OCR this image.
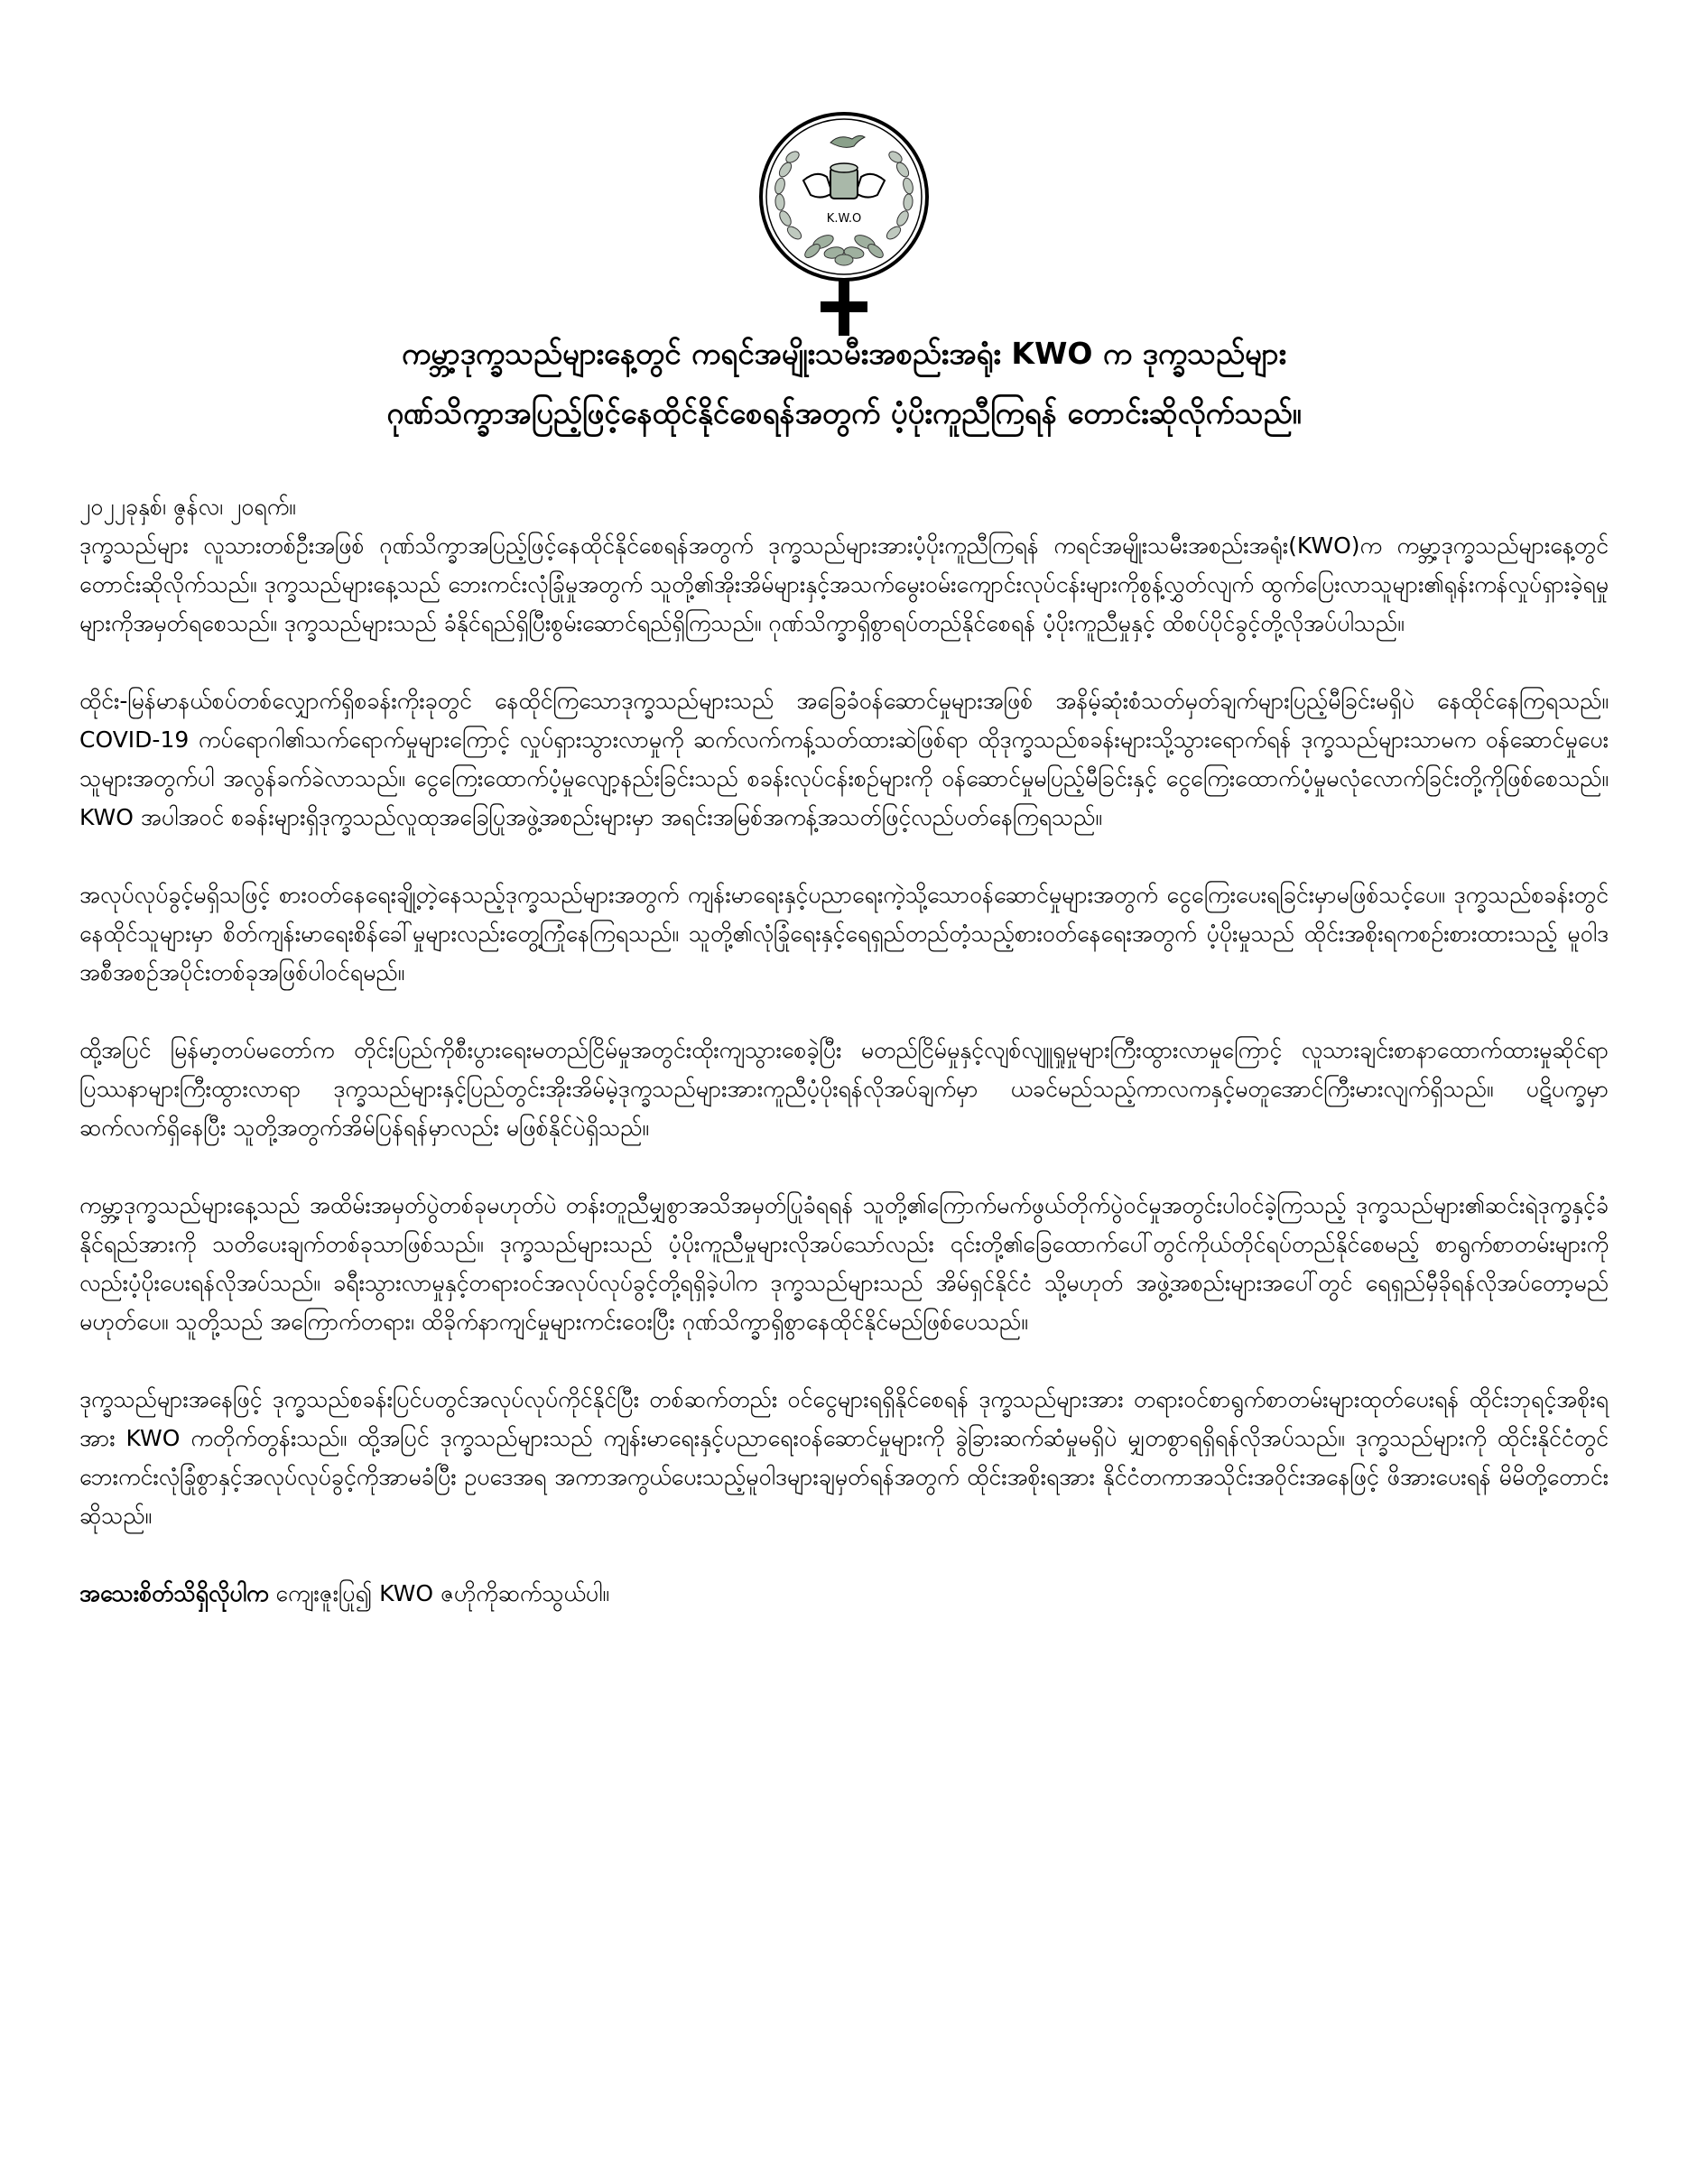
K.W.O
ကမ္ဘာ့ဒုက္ခသည်များနေ့တွင် ကရင်အမျိုးသမီးအစည်းအရုံး KWO က ဒုက္ခသည်များ
ဂုဏ်သိက္ခာအပြည့်ဖြင့်နေထိုင်နိုင်စေရန်အတွက် ပံ့ပိုးကူညီကြရန် တောင်းဆိုလိုက်သည်။

၂၀၂၂ခုနှစ်၊ ဇွန်လ၊ ၂၀ရက်။

ဒုက္ခသည်များ လူသားတစ်ဦးအဖြစ် ဂုဏ်သိက္ခာအပြည့်ဖြင့်နေထိုင်နိုင်စေရန်အတွက် ဒုက္ခသည်များအားပံ့ပိုးကူညီကြရန် ကရင်အမျိုးသမီးအစည်းအရုံး(KWO)က ကမ္ဘာ့ဒုက္ခသည်များနေ့တွင် တောင်းဆိုလိုက်သည်။ ဒုက္ခသည်များနေ့သည် ဘေးကင်းလုံခြုံမှုအတွက် သူတို့၏အိုးအိမ်များနှင့်အသက်မွေးဝမ်းကျောင်းလုပ်ငန်းများကိုစွန့်လွှတ်လျက် ထွက်ပြေးလာသူများ၏ရုန်းကန်လှုပ်ရှားခဲ့ရမှုများကိုအမှတ်ရစေသည်။ ဒုက္ခသည်များသည် ခံနိုင်ရည်ရှိပြီးစွမ်းဆောင်ရည်ရှိကြသည်။ ဂုဏ်သိက္ခာရှိစွာရပ်တည်နိုင်စေရန် ပံ့ပိုးကူညီမှုနှင့် ထိစပ်ပိုင်ခွင့်တို့လိုအပ်ပါသည်။

ထိုင်း-မြန်မာနယ်စပ်တစ်လျှောက်ရှိစခန်းကိုးခုတွင် နေထိုင်ကြသောဒုက္ခသည်များသည် အခြေခံဝန်ဆောင်မှုများအဖြစ် အနိမ့်ဆုံးစံသတ်မှတ်ချက်များပြည့်မီခြင်းမရှိပဲ နေထိုင်နေကြရသည်။ COVID-19 ကပ်ရောဂါ၏သက်ရောက်မှုများကြောင့် လှုပ်ရှားသွားလာမှုကို ဆက်လက်ကန့်သတ်ထားဆဲဖြစ်ရာ ထိုဒုက္ခသည်စခန်းများသို့သွားရောက်ရန် ဒုက္ခသည်များသာမက ဝန်ဆောင်မှုပေးသူများအတွက်ပါ အလွန်ခက်ခဲလာသည်။ ငွေကြေးထောက်ပံ့မှုလျော့နည်းခြင်းသည် စခန်းလုပ်ငန်းစဉ်များကို ဝန်ဆောင်မှုမပြည့်မီခြင်းနှင့် ငွေကြေးထောက်ပံ့မှုမလုံလောက်ခြင်းတို့ကိုဖြစ်စေသည်။ KWO အပါအဝင် စခန်းများရှိဒုက္ခသည်လူထုအခြေပြုအဖွဲ့အစည်းများမှာ အရင်းအမြစ်အကန့်အသတ်ဖြင့်လည်ပတ်နေကြရသည်။

အလုပ်လုပ်ခွင့်မရှိသဖြင့် စားဝတ်နေရေးချို့တဲ့နေသည့်ဒုက္ခသည်များအတွက် ကျန်းမာရေးနှင့်ပညာရေးကဲ့သို့သောဝန်ဆောင်မှုများအတွက် ငွေကြေးပေးရခြင်းမှာမဖြစ်သင့်ပေ။ ဒုက္ခသည်စခန်းတွင်နေထိုင်သူများမှာ စိတ်ကျန်းမာရေးစိန်ခေါ်မှုများလည်းတွေ့ကြုံနေကြရသည်။ သူတို့၏လုံခြုံရေးနှင့်ရေရှည်တည်တံ့သည့်စားဝတ်နေရေးအတွက် ပံ့ပိုးမှုသည် ထိုင်းအစိုးရကစဉ်းစားထားသည့် မူဝါဒအစီအစဉ်အပိုင်းတစ်ခုအဖြစ်ပါဝင်ရမည်။

ထို့အပြင် မြန်မာ့တပ်မတော်က တိုင်းပြည်ကိုစီးပွားရေးမတည်ငြိမ်မှုအတွင်းထိုးကျသွားစေခဲ့ပြီး မတည်ငြိမ်မှုနှင့်လျစ်လျူရှုမှုများကြီးထွားလာမှုကြောင့် လူသားချင်းစာနာထောက်ထားမှုဆိုင်ရာပြဿနာများကြီးထွားလာရာ ဒုက္ခသည်များနှင့်ပြည်တွင်းအိုးအိမ်မဲ့ဒုက္ခသည်များအားကူညီပံ့ပိုးရန်လိုအပ်ချက်မှာ ယခင်မည်သည့်ကာလကနှင့်မတူအောင်ကြီးမားလျက်ရှိသည်။ ပဋိပက္ခမှာဆက်လက်ရှိနေပြီး သူတို့အတွက်အိမ်ပြန်ရန်မှာလည်း မဖြစ်နိုင်ပဲရှိသည်။

ကမ္ဘာ့ဒုက္ခသည်များနေ့သည် အထိမ်းအမှတ်ပွဲတစ်ခုမဟုတ်ပဲ တန်းတူညီမျှစွာအသိအမှတ်ပြုခံရရန် သူတို့၏ကြောက်မက်ဖွယ်တိုက်ပွဲဝင်မှုအတွင်းပါဝင်ခဲ့ကြသည့် ဒုက္ခသည်များ၏ဆင်းရဲဒုက္ခနှင့်ခံနိုင်ရည်အားကို သတိပေးချက်တစ်ခုသာဖြစ်သည်။ ဒုက္ခသည်များသည် ပံ့ပိုးကူညီမှုများလိုအပ်သော်လည်း ၎င်းတို့၏ခြေထောက်ပေါ်တွင်ကိုယ်တိုင်ရပ်တည်နိုင်စေမည့် စာရွက်စာတမ်းများကိုလည်းပံ့ပိုးပေးရန်လိုအပ်သည်။ ခရီးသွားလာမှုနှင့်တရားဝင်အလုပ်လုပ်ခွင့်တို့ရရှိခဲ့ပါက ဒုက္ခသည်များသည် အိမ်ရှင်နိုင်ငံ သို့မဟုတ် အဖွဲ့အစည်းများအပေါ်တွင် ရေရှည်မှီခိုရန်လိုအပ်တော့မည်မဟုတ်ပေ။ သူတို့သည် အကြောက်တရား၊ ထိခိုက်နာကျင်မှုများကင်းဝေးပြီး ဂုဏ်သိက္ခာရှိစွာနေထိုင်နိုင်မည်ဖြစ်ပေသည်။

ဒုက္ခသည်များအနေဖြင့် ဒုက္ခသည်စခန်းပြင်ပတွင်အလုပ်လုပ်ကိုင်နိုင်ပြီး တစ်ဆက်တည်း ဝင်ငွေများရရှိနိုင်စေရန် ဒုက္ခသည်များအား တရားဝင်စာရွက်စာတမ်းများထုတ်ပေးရန် ထိုင်းဘုရင့်အစိုးရအား KWO ကတိုက်တွန်းသည်။ ထို့အပြင် ဒုက္ခသည်များသည် ကျန်းမာရေးနှင့်ပညာရေးဝန်ဆောင်မှုများကို ခွဲခြားဆက်ဆံမှုမရှိပဲ မျှတစွာရရှိရန်လိုအပ်သည်။ ဒုက္ခသည်များကို ထိုင်းနိုင်ငံတွင် ဘေးကင်းလုံခြုံစွာနှင့်အလုပ်လုပ်ခွင့်ကိုအာမခံပြီး ဥပဒေအရ အကာအကွယ်ပေးသည့်မူဝါဒများချမှတ်ရန်အတွက် ထိုင်းအစိုးရအား နိုင်ငံတကာအသိုင်းအဝိုင်းအနေဖြင့် ဖိအားပေးရန် မိမိတို့တောင်းဆိုသည်။

အသေးစိတ်သိရှိလိုပါက ကျေးဇူးပြု၍ KWO ဇဟိုကိုဆက်သွယ်ပါ။
